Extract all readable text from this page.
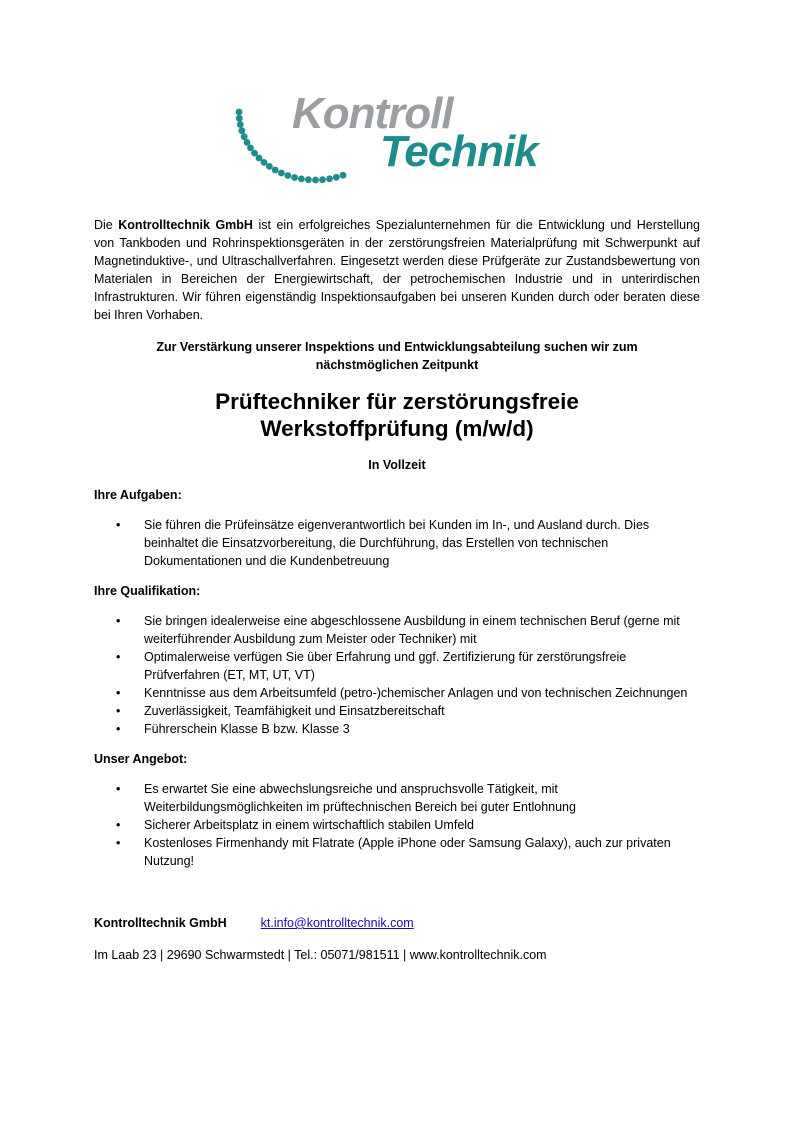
Kontroll
Technik

Die Kontrolltechnik GmbH ist ein erfolgreiches Spezialunternehmen für die Entwicklung und Herstellung von Tankboden und Rohrinspektionsgeräten in der zerstörungsfreien Materialprüfung mit Schwerpunkt auf Magnetinduktive-, und Ultraschallverfahren. Eingesetzt werden diese Prüfgeräte zur Zustandsbewertung von Materialen in Bereichen der Energiewirtschaft, der petrochemischen Industrie und in unterirdischen Infrastrukturen. Wir führen eigenständig Inspektionsaufgaben bei unseren Kunden durch oder beraten diese bei Ihren Vorhaben.

Zur Verstärkung unserer Inspektions und Entwicklungsabteilung suchen wir zum nächstmöglichen Zeitpunkt
Prüftechniker für zerstörungsfreie
Werkstoffprüfung (m/w/d)
In Vollzeit
Ihre Aufgaben:
• Sie führen die Prüfeinsätze eigenverantwortlich bei Kunden im In-, und Ausland durch. Dies beinhaltet die Einsatzvorbereitung, die Durchführung, das Erstellen von technischen Dokumentationen und die Kundenbetreuung
Ihre Qualifikation:
• Sie bringen idealerweise eine abgeschlossene Ausbildung in einem technischen Beruf (gerne mit weiterführender Ausbildung zum Meister oder Techniker) mit
• Optimalerweise verfügen Sie über Erfahrung und ggf. Zertifizierung für zerstörungsfreie Prüfverfahren (ET, MT, UT, VT)
• Kenntnisse aus dem Arbeitsumfeld (petro-)chemischer Anlagen und von technischen Zeichnungen
• Zuverlässigkeit, Teamfähigkeit und Einsatzbereitschaft
• Führerschein Klasse B bzw. Klasse 3
Unser Angebot:
• Es erwartet Sie eine abwechslungsreiche und anspruchsvolle Tätigkeit, mit Weiterbildungsmöglichkeiten im prüftechnischen Bereich bei guter Entlohnung
• Sicherer Arbeitsplatz in einem wirtschaftlich stabilen Umfeld
• Kostenloses Firmenhandy mit Flatrate (Apple iPhone oder Samsung Galaxy), auch zur privaten Nutzung!
Kontrolltechnik GmbH	kt.info@kontrolltechnik.com
Im Laab 23 | 29690 Schwarmstedt | Tel.: 05071/981511 | www.kontrolltechnik.com
